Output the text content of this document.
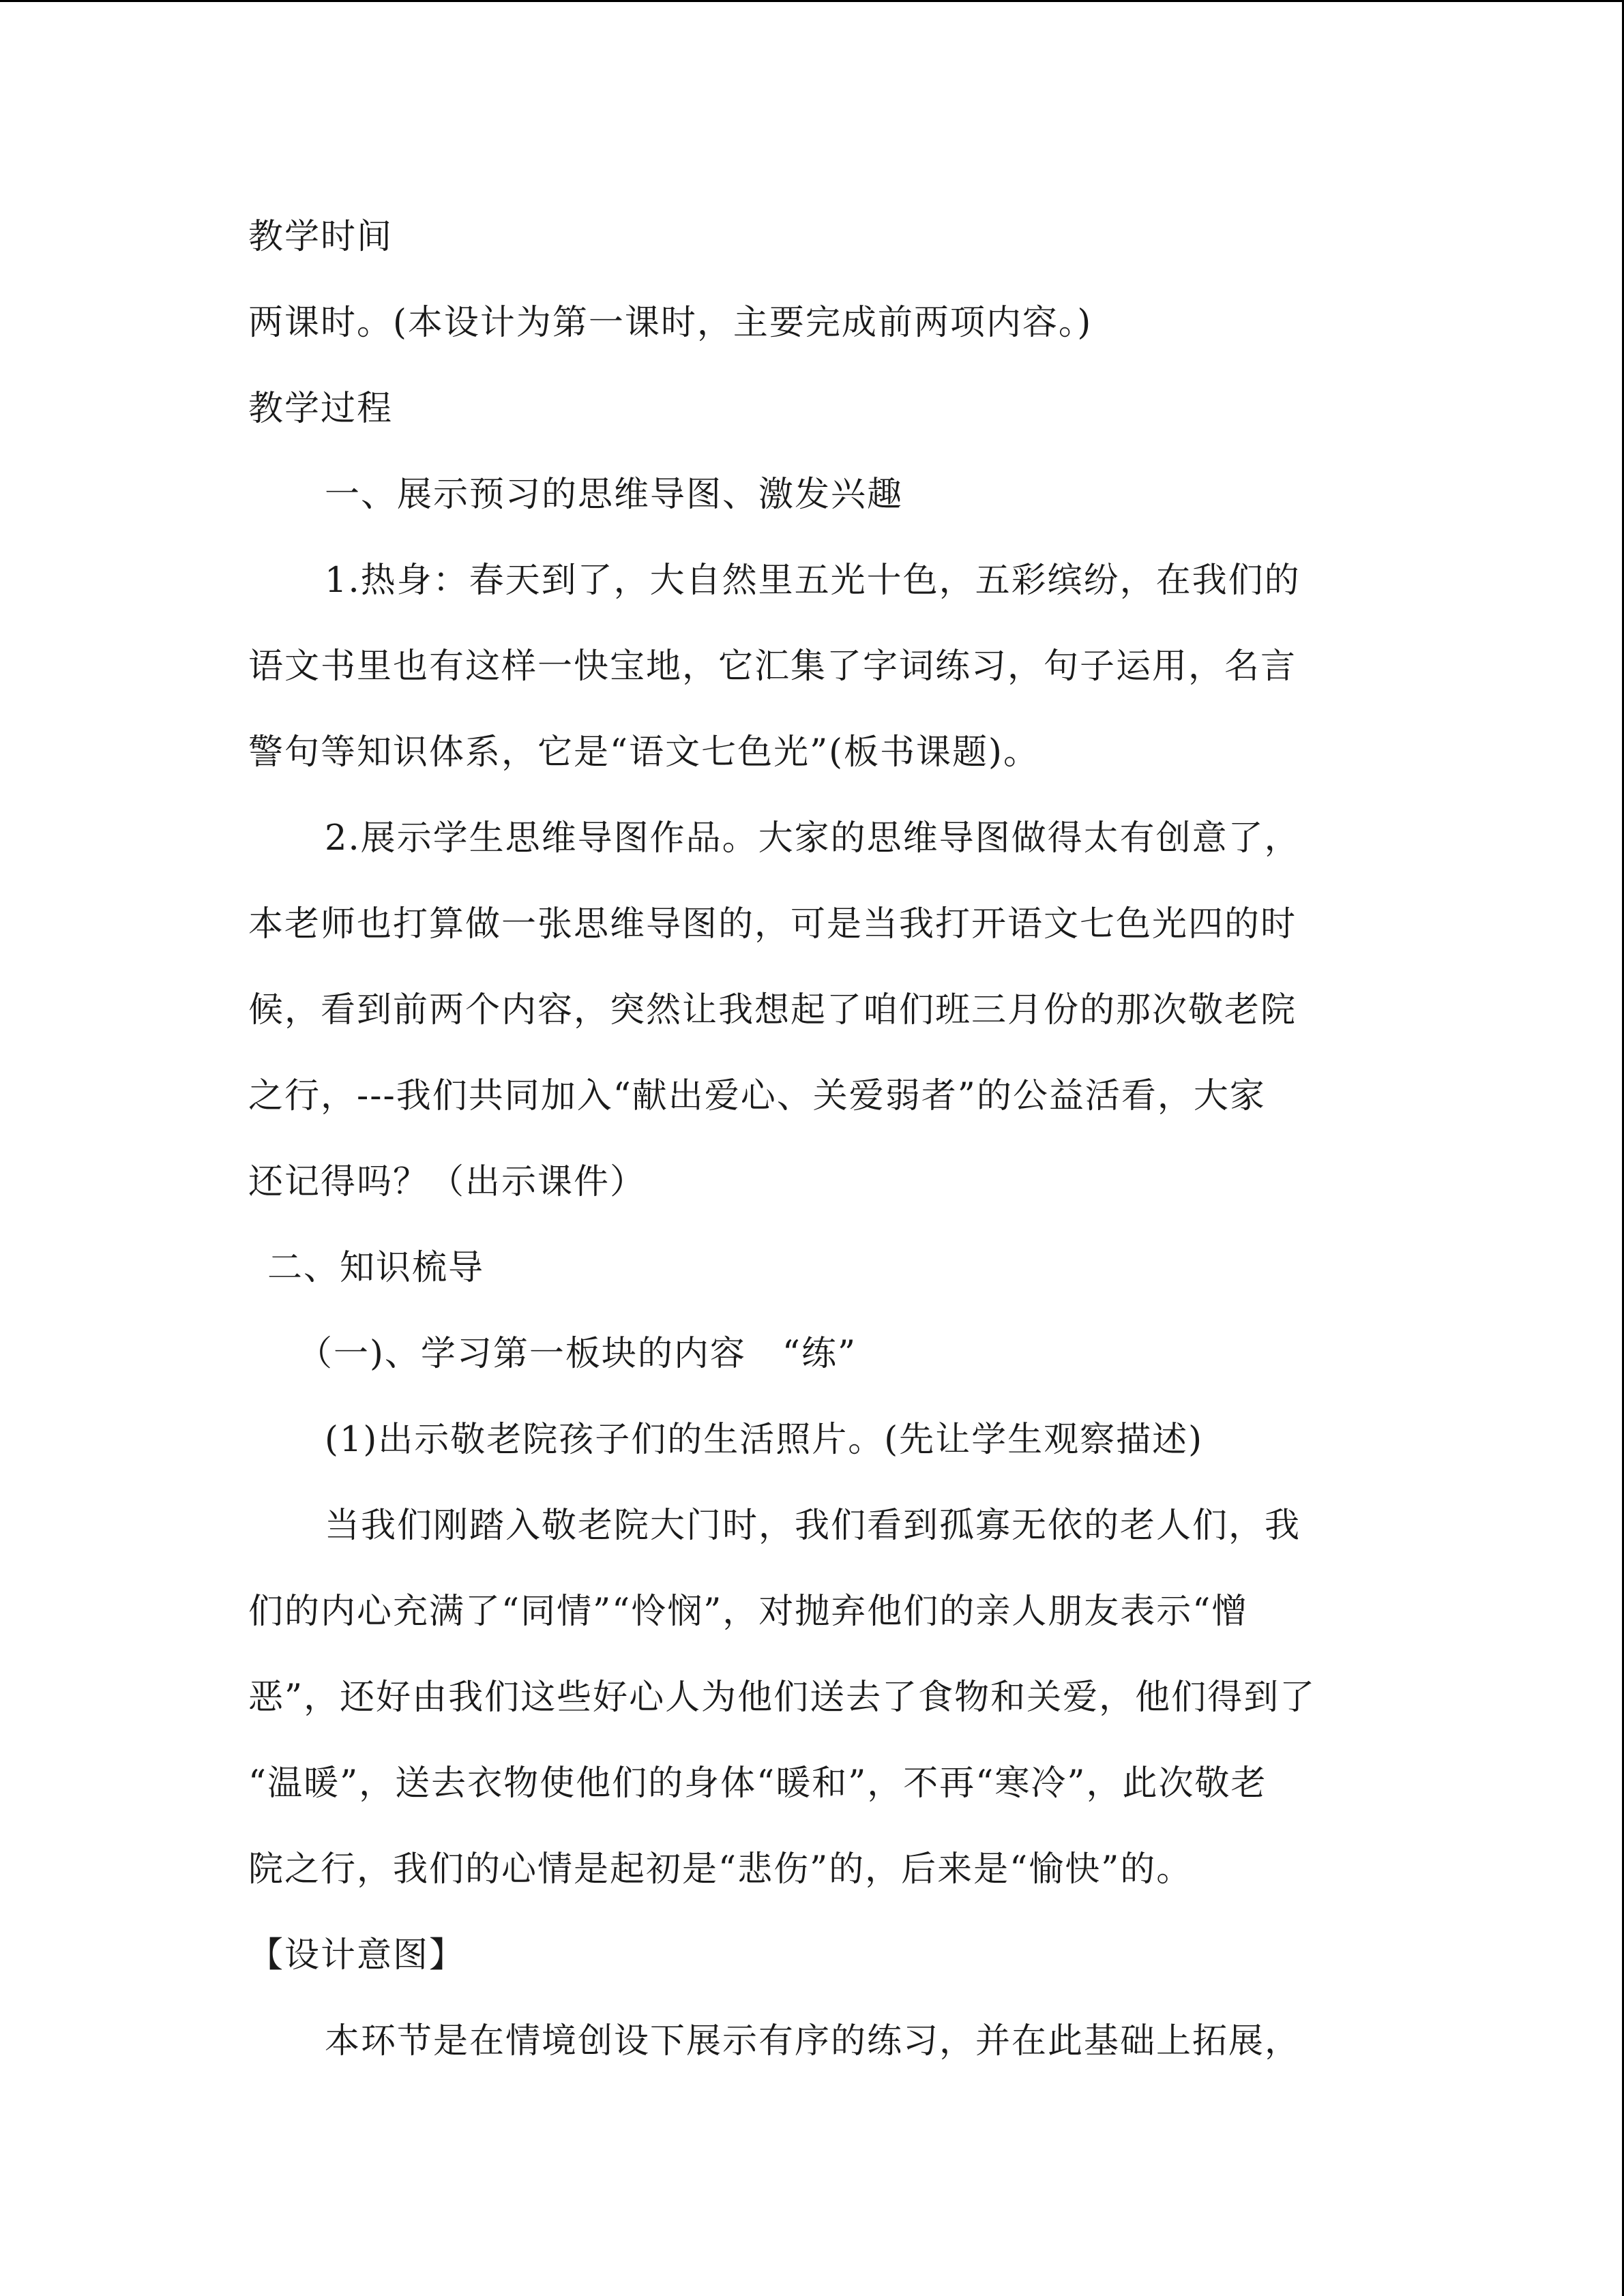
教学时间
两课时。(本设计为第一课时，主要完成前两项内容。)
教学过程
一、展示预习的思维导图、激发兴趣
1.热身：春天到了，大自然里五光十色，五彩缤纷，在我们的
语文书里也有这样一快宝地，它汇集了字词练习，句子运用，名言
警句等知识体系，它是“语文七色光”(板书课题)。
2.展示学生思维导图作品。大家的思维导图做得太有创意了，
本老师也打算做一张思维导图的，可是当我打开语文七色光四的时
候，看到前两个内容，突然让我想起了咱们班三月份的那次敬老院
之行，---我们共同加入“献出爱心、关爱弱者”的公益活看，大家
还记得吗？（出示课件）
二、知识梳导
（一)、学习第一板块的内容　“练”
(1)出示敬老院孩子们的生活照片。(先让学生观察描述)
当我们刚踏入敬老院大门时，我们看到孤寡无依的老人们，我
们的内心充满了“同情”“怜悯”，对抛弃他们的亲人朋友表示“憎
恶”，还好由我们这些好心人为他们送去了食物和关爱，他们得到了
“温暖”，送去衣物使他们的身体“暖和”，不再“寒冷”，此次敬老
院之行，我们的心情是起初是“悲伤”的，后来是“愉快”的。
【设计意图】
本环节是在情境创设下展示有序的练习，并在此基础上拓展，
